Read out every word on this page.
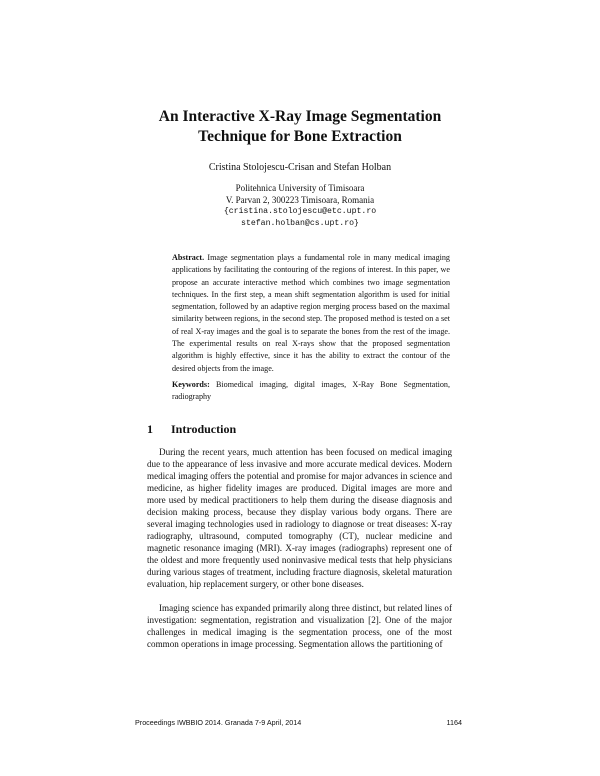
An Interactive X-Ray Image Segmentation
Technique for Bone Extraction
Cristina Stolojescu-Crisan and Stefan Holban
Politehnica University of Timisoara
V. Parvan 2, 300223 Timisoara, Romania
{cristina.stolojescu@etc.upt.ro
stefan.holban@cs.upt.ro}
Abstract. Image segmentation plays a fundamental role in many medical imaging applications by facilitating the contouring of the regions of interest. In this paper, we propose an accurate interactive method which combines two image segmentation techniques. In the first step, a mean shift segmentation algorithm is used for initial segmentation, followed by an adaptive region merging process based on the maximal similarity between regions, in the second step. The proposed method is tested on a set of real X-ray images and the goal is to separate the bones from the rest of the image. The experimental results on real X-rays show that the proposed segmentation algorithm is highly effective, since it has the ability to extract the contour of the desired objects from the image.
Keywords: Biomedical imaging, digital images, X-Ray Bone Segmentation, radiography
1 Introduction
During the recent years, much attention has been focused on medical imaging due to the appearance of less invasive and more accurate medical devices. Modern medical imaging offers the potential and promise for major advances in science and medicine, as higher fidelity images are produced. Digital images are more and more used by medical practitioners to help them during the disease diagnosis and decision making process, because they display various body organs. There are several imaging technologies used in radiology to diagnose or treat diseases: X-ray radiography, ultrasound, computed tomography (CT), nuclear medicine and magnetic resonance imaging (MRI). X-ray images (radiographs) represent one of the oldest and more frequently used noninvasive medical tests that help physicians during various stages of treatment, including fracture diagnosis, skeletal maturation evaluation, hip replacement surgery, or other bone diseases.
Imaging science has expanded primarily along three distinct, but related lines of investigation: segmentation, registration and visualization [2]. One of the major challenges in medical imaging is the segmentation process, one of the most common operations in image processing. Segmentation allows the partitioning of
Proceedings IWBBIO 2014. Granada 7-9 April, 2014	1164
